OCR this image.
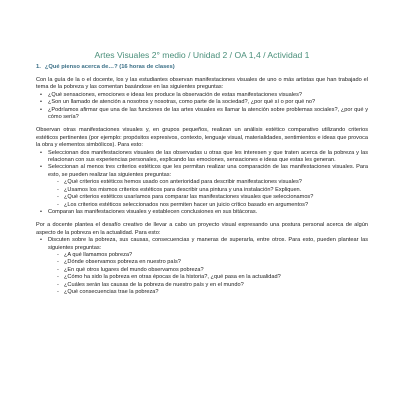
Artes Visuales 2° medio / Unidad 2 / OA 1,4 / Actividad 1
1. ¿Qué pienso acerca de…? (16 horas de clases)

Con la guía de la o el docente, los y las estudiantes observan manifestaciones visuales de uno o más artistas que han trabajado el tema de la pobreza y las comentan basándose en las siguientes preguntas:

• ¿Qué sensaciones, emociones e ideas les produce la observación de estas manifestaciones visuales?
• ¿Son un llamado de atención a nosotros y nosotras, como parte de la sociedad?, ¿por qué sí o por qué no?
• ¿Podríamos afirmar que una de las funciones de las artes visuales es llamar la atención sobre problemas sociales?, ¿por qué y cómo sería?

Observan otras manifestaciones visuales y, en grupos pequeños, realizan un análisis estético comparativo utilizando criterios estéticos pertinentes (por ejemplo: propósitos expresivos, contexto, lenguaje visual, materialidades, sentimientos e ideas que provoca la obra y elementos simbólicos). Para esto:

• Seleccionan dos manifestaciones visuales de las observadas u otras que les interesen y que traten acerca de la pobreza y las relacionan con sus experiencias personales, explicando las emociones, sensaciones e ideas que estas les generan.
• Seleccionan al menos tres criterios estéticos que les permitan realizar una comparación de las manifestaciones visuales. Para esto, se pueden realizar las siguientes preguntas:
- ¿Qué criterios estéticos hemos usado con anterioridad para describir manifestaciones visuales?
- ¿Usamos los mismos criterios estéticos para describir una pintura y una instalación? Expliquen.
- ¿Qué criterios estéticos usaríamos para comparar las manifestaciones visuales que seleccionamos?
- ¿Los criterios estéticos seleccionados nos permiten hacer un juicio crítico basado en argumentos?
• Comparan las manifestaciones visuales y establecen conclusiones en sus bitácoras.

Por a docente plantea el desafío creativo de llevar a cabo un proyecto visual expresando una postura personal acerca de algún aspecto de la pobreza en la actualidad. Para esto:

• Discuten sobre la pobreza, sus causas, consecuencias y maneras de superarla, entre otros. Para esto, pueden plantear las siguientes preguntas:
- ¿A qué llamamos pobreza?
- ¿Dónde observamos pobreza en nuestro país?
- ¿En qué otros lugares del mundo observamos pobreza?
- ¿Cómo ha sido la pobreza en otras épocas de la historia?, ¿qué pasa en la actualidad?
- ¿Cuáles serán las causas de la pobreza de nuestro país y en el mundo?
- ¿Qué consecuencias trae la pobreza?
